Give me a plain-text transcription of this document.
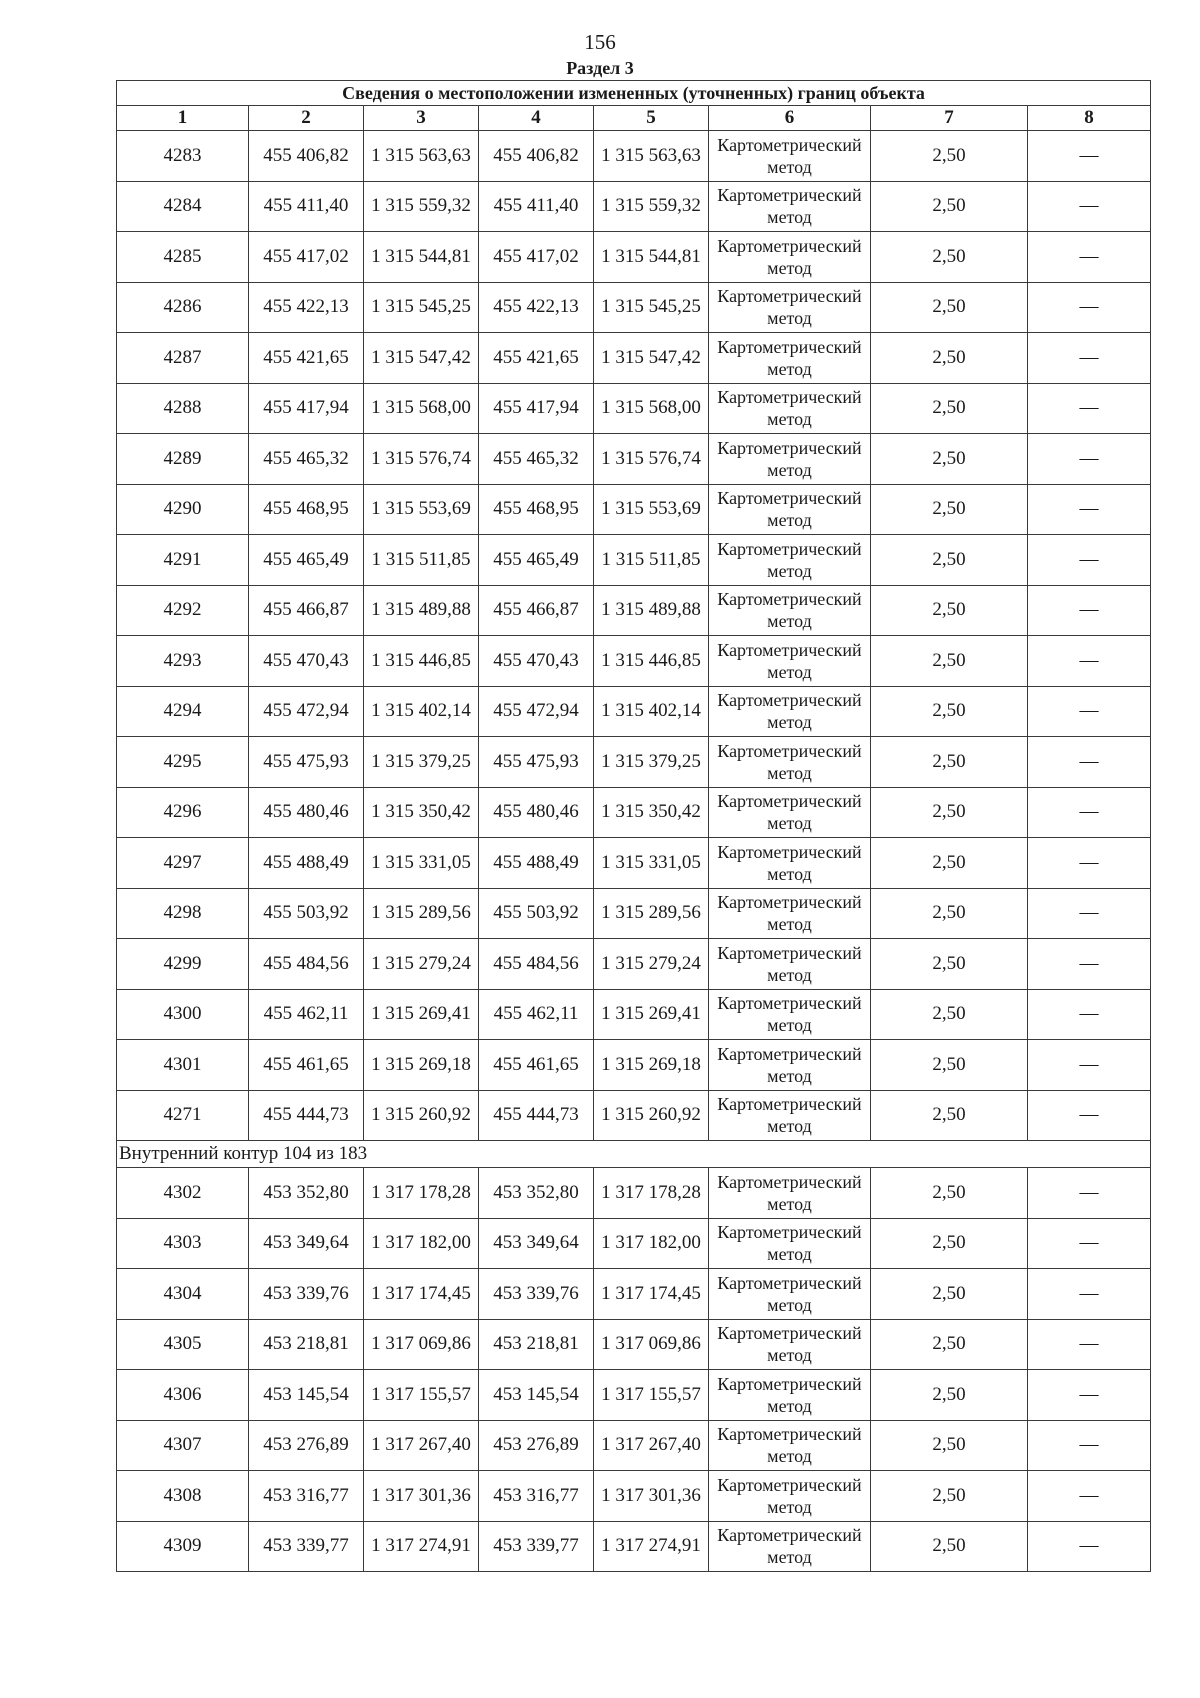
156
Раздел 3
Сведения о местоположении измененных (уточненных) границ объекта							
1	2	3	4	5	6	7	8
4283	455 406,82	1 315 563,63	455 406,82	1 315 563,63	Картометрический метод	2,50	—
4284	455 411,40	1 315 559,32	455 411,40	1 315 559,32	Картометрический метод	2,50	—
4285	455 417,02	1 315 544,81	455 417,02	1 315 544,81	Картометрический метод	2,50	—
4286	455 422,13	1 315 545,25	455 422,13	1 315 545,25	Картометрический метод	2,50	—
4287	455 421,65	1 315 547,42	455 421,65	1 315 547,42	Картометрический метод	2,50	—
4288	455 417,94	1 315 568,00	455 417,94	1 315 568,00	Картометрический метод	2,50	—
4289	455 465,32	1 315 576,74	455 465,32	1 315 576,74	Картометрический метод	2,50	—
4290	455 468,95	1 315 553,69	455 468,95	1 315 553,69	Картометрический метод	2,50	—
4291	455 465,49	1 315 511,85	455 465,49	1 315 511,85	Картометрический метод	2,50	—
4292	455 466,87	1 315 489,88	455 466,87	1 315 489,88	Картометрический метод	2,50	—
4293	455 470,43	1 315 446,85	455 470,43	1 315 446,85	Картометрический метод	2,50	—
4294	455 472,94	1 315 402,14	455 472,94	1 315 402,14	Картометрический метод	2,50	—
4295	455 475,93	1 315 379,25	455 475,93	1 315 379,25	Картометрический метод	2,50	—
4296	455 480,46	1 315 350,42	455 480,46	1 315 350,42	Картометрический метод	2,50	—
4297	455 488,49	1 315 331,05	455 488,49	1 315 331,05	Картометрический метод	2,50	—
4298	455 503,92	1 315 289,56	455 503,92	1 315 289,56	Картометрический метод	2,50	—
4299	455 484,56	1 315 279,24	455 484,56	1 315 279,24	Картометрический метод	2,50	—
4300	455 462,11	1 315 269,41	455 462,11	1 315 269,41	Картометрический метод	2,50	—
4301	455 461,65	1 315 269,18	455 461,65	1 315 269,18	Картометрический метод	2,50	—
4271	455 444,73	1 315 260,92	455 444,73	1 315 260,92	Картометрический метод	2,50	—
Внутренний контур 104 из 183							
4302	453 352,80	1 317 178,28	453 352,80	1 317 178,28	Картометрический метод	2,50	—
4303	453 349,64	1 317 182,00	453 349,64	1 317 182,00	Картометрический метод	2,50	—
4304	453 339,76	1 317 174,45	453 339,76	1 317 174,45	Картометрический метод	2,50	—
4305	453 218,81	1 317 069,86	453 218,81	1 317 069,86	Картометрический метод	2,50	—
4306	453 145,54	1 317 155,57	453 145,54	1 317 155,57	Картометрический метод	2,50	—
4307	453 276,89	1 317 267,40	453 276,89	1 317 267,40	Картометрический метод	2,50	—
4308	453 316,77	1 317 301,36	453 316,77	1 317 301,36	Картометрический метод	2,50	—
4309	453 339,77	1 317 274,91	453 339,77	1 317 274,91	Картометрический метод	2,50	—
